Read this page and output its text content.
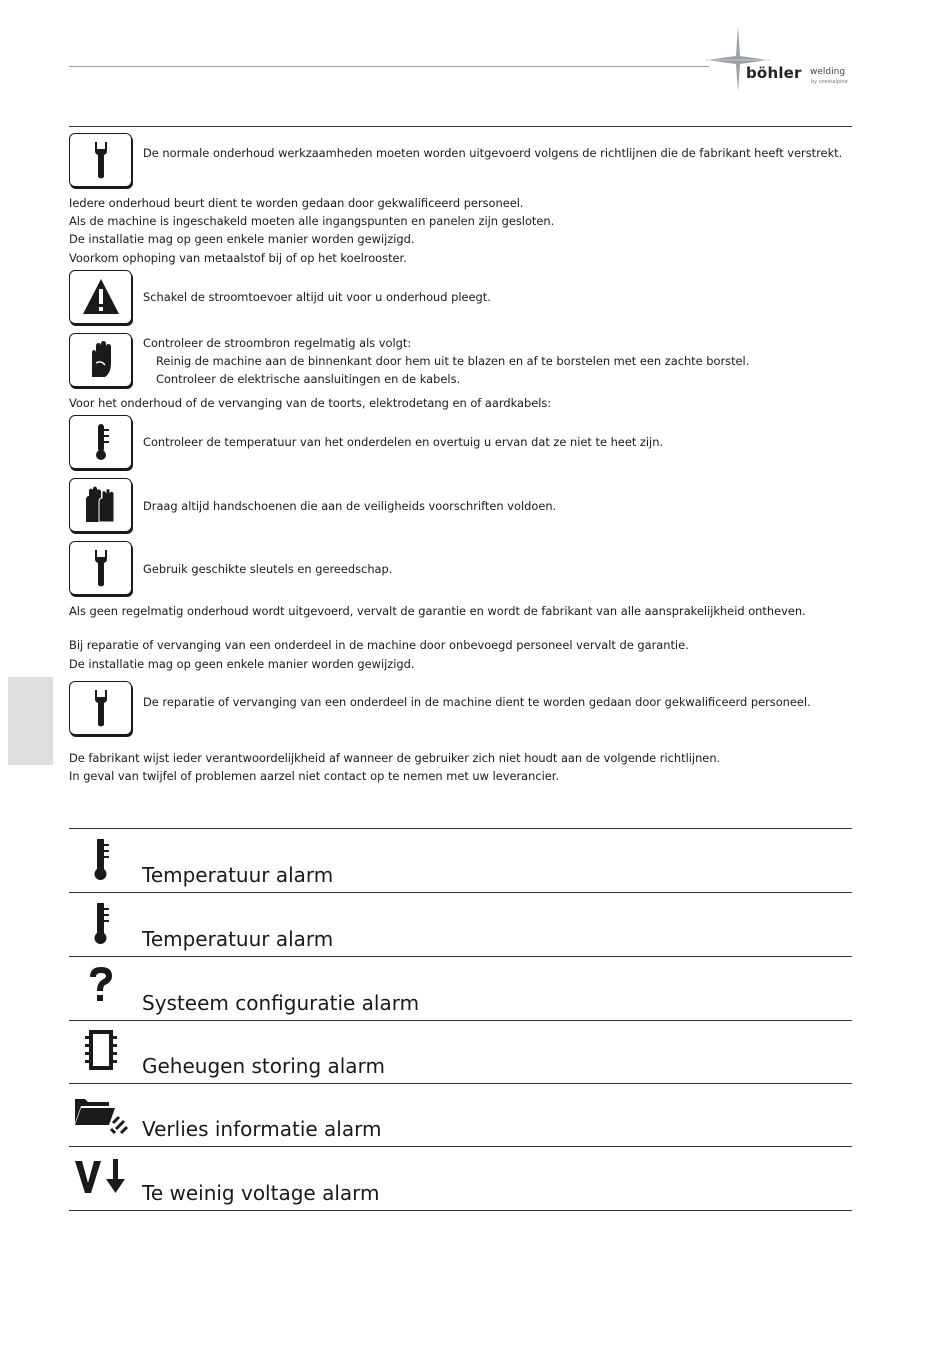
böhler welding
by voestalpine
De normale onderhoud werkzaamheden moeten worden uitgevoerd volgens de richtlijnen die de fabrikant heeft verstrekt.
Iedere onderhoud beurt dient te worden gedaan door gekwalificeerd personeel.
Als de machine is ingeschakeld moeten alle ingangspunten en panelen zijn gesloten.
De installatie mag op geen enkele manier worden gewijzigd.
Voorkom ophoping van metaalstof bij of op het koelrooster.
Schakel de stroomtoevoer altijd uit voor u onderhoud pleegt.
Controleer de stroombron regelmatig als volgt:
Reinig de machine aan de binnenkant door hem uit te blazen en af te borstelen met een zachte borstel.
Controleer de elektrische aansluitingen en de kabels.
Voor het onderhoud of de vervanging van de toorts, elektrodetang en of aardkabels:
Controleer de temperatuur van het onderdelen en overtuig u ervan dat ze niet te heet zijn.
Draag altijd handschoenen die aan de veiligheids voorschriften voldoen.
Gebruik geschikte sleutels en gereedschap.
Als geen regelmatig onderhoud wordt uitgevoerd, vervalt de garantie en wordt de fabrikant van alle aansprakelijkheid ontheven.
Bij reparatie of vervanging van een onderdeel in de machine door onbevoegd personeel vervalt de garantie.
De installatie mag op geen enkele manier worden gewijzigd.
De reparatie of vervanging van een onderdeel in de machine dient te worden gedaan door gekwalificeerd personeel.
De fabrikant wijst ieder verantwoordelijkheid af wanneer de gebruiker zich niet houdt aan de volgende richtlijnen.
In geval van twijfel of problemen aarzel niet contact op te nemen met uw leverancier.
Temperatuur alarm
Temperatuur alarm
Systeem configuratie alarm
Geheugen storing alarm
Verlies informatie alarm
Te weinig voltage alarm
